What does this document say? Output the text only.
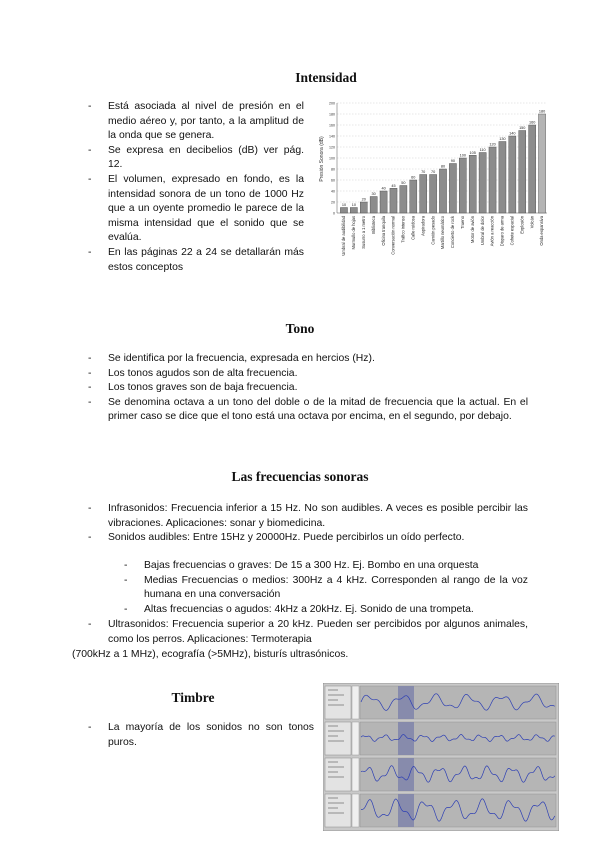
Intensidad
- Está asociada al nivel de presión en el medio aéreo y, por tanto, a la amplitud de la onda que se genera.
- Se expresa en decibelios (dB) ver pág. 12.
- El volumen, expresado en fondo, es la intensidad sonora de un tono de 1000 Hz que a un oyente promedio le parece de la misma intensidad que el sonido que se evalúa.
- En las páginas 22 a 24 se detallarán más estos conceptos
Presión Sonora (dB)
0
20
40
60
80
100
120
140
160
180
200
10
Umbral de audibilidad
10
Murmullo de hojas
20
Susurro a 1 metro
30
Biblioteca
40
Oficina tranquila
45
Conversación normal
50
Tráfico intenso
60
Calle ruidosa
70
Aspiradora
70
Camión pesado
80
Martillo neumático
90
Concierto de rock
100
Trueno
105
Motor de avión
110
Umbral de dolor
120
Avión a reacción
130
Disparo de arma
140
Cohete espacial
150
Explosión
160
Volcán
180
Onda expansiva
Tono
- Se identifica por la frecuencia, expresada en hercios (Hz).
- Los tonos agudos son de alta frecuencia.
- Los tonos graves son de baja frecuencia.
- Se denomina octava a un tono del doble o de la mitad de frecuencia que la actual. En el primer caso se dice que el tono está una octava por encima, en el segundo, por debajo.
Las frecuencias sonoras
- Infrasonidos: Frecuencia inferior a 15 Hz. No son audibles. A veces es posible percibir las vibraciones. Aplicaciones: sonar y biomedicina.
- Sonidos audibles: Entre 15Hz y 20000Hz. Puede percibirlos un oído perfecto.
- Bajas frecuencias o graves: De 15 a 300 Hz. Ej. Bombo en una orquesta
- Medias Frecuencias o medios: 300Hz a 4 kHz. Corresponden al rango de la voz humana en una conversación
- Altas frecuencias o agudos: 4kHz a 20kHz. Ej. Sonido de una trompeta.
- Ultrasonidos: Frecuencia superior a 20 kHz. Pueden ser percibidos por algunos animales, como los perros. Aplicaciones: Termoterapia
(700kHz a 1 MHz), ecografía (>5MHz), bisturís ultrasónicos.
Timbre
- La mayoría de los sonidos no son tonos puros.
